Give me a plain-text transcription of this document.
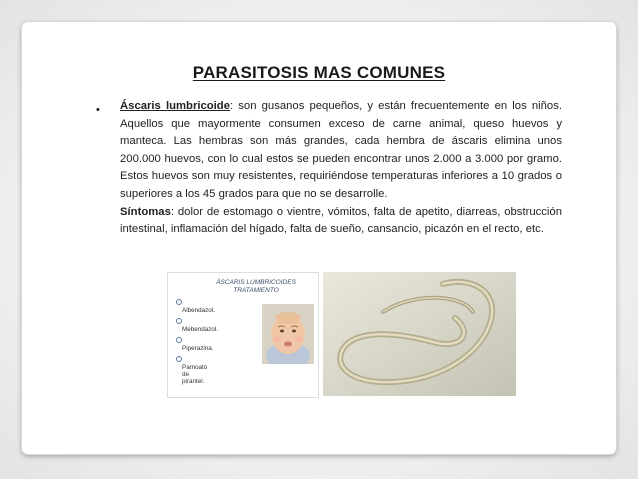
PARASITOSIS MAS COMUNES
• Áscaris lumbricoide: son gusanos pequeños, y están frecuentemente en los niños. Aquellos que mayormente consumen exceso de carne animal, queso huevos y manteca. Las hembras son más grandes, cada hembra de áscaris elimina unos 200.000 huevos, con lo cual estos se pueden encontrar unos 2.000 a 3.000 por gramo. Estos huevos son muy resistentes, requiriéndose temperaturas inferiores a 10 grados o superiores a los 45 grados para que no se desarrolle.

Síntomas: dolor de estomago o vientre, vómitos, falta de apetito, diarreas, obstrucción intestinal, inflamación del hígado, falta de sueño, cansancio, picazón en el recto, etc.

ÁSCARIS LUMBRICOIDES
TRATAMIENTO
Albendazol.
Mebendazol.
Piperazina.
Pamoato de pirantel.
